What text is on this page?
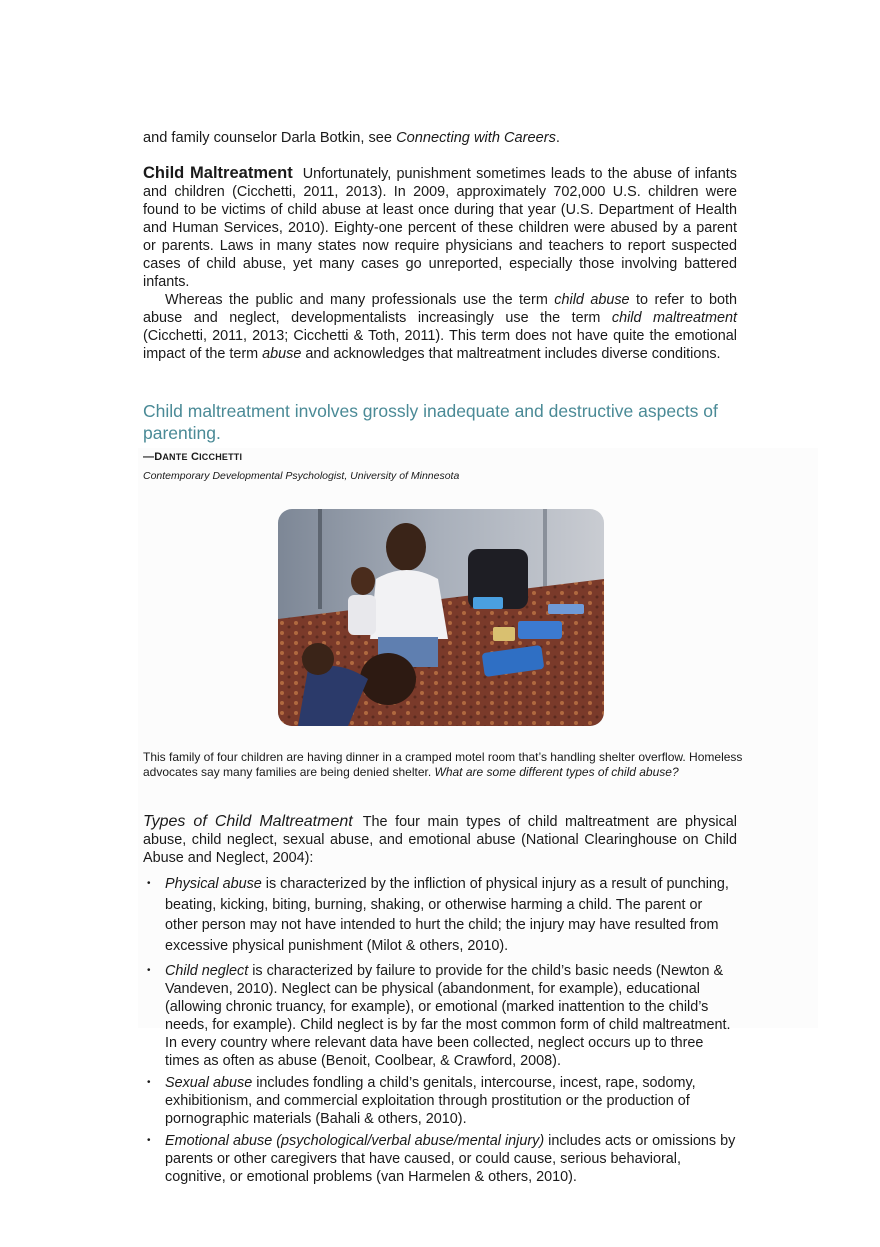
and family counselor Darla Botkin, see Connecting with Careers.

Child Maltreatment Unfortunately, punishment sometimes leads to the abuse of infants and children (Cicchetti, 2011, 2013). In 2009, approximately 702,000 U.S. children were found to be victims of child abuse at least once during that year (U.S. Department of Health and Human Services, 2010). Eighty-one percent of these children were abused by a parent or parents. Laws in many states now require physicians and teachers to report suspected cases of child abuse, yet many cases go unreported, especially those involving battered infants.

Whereas the public and many professionals use the term child abuse to refer to both abuse and neglect, developmentalists increasingly use the term child maltreatment (Cicchetti, 2011, 2013; Cicchetti & Toth, 2011). This term does not have quite the emotional impact of the term abuse and acknowledges that maltreatment includes diverse conditions.

Child maltreatment involves grossly inadequate and destructive aspects of parenting.

—DANTE CICCHETTI

Contemporary Developmental Psychologist, University of Minnesota

This family of four children are having dinner in a cramped motel room that’s handling shelter overflow. Homeless advocates say many families are being denied shelter. What are some different types of child abuse?

Types of Child Maltreatment The four main types of child maltreatment are physical abuse, child neglect, sexual abuse, and emotional abuse (National Clearinghouse on Child Abuse and Neglect, 2004):

• Physical abuse is characterized by the infliction of physical injury as a result of punching, beating, kicking, biting, burning, shaking, or otherwise harming a child. The parent or other person may not have intended to hurt the child; the injury may have resulted from excessive physical punishment (Milot & others, 2010).
• Child neglect is characterized by failure to provide for the child’s basic needs (Newton & Vandeven, 2010). Neglect can be physical (abandonment, for example), educational (allowing chronic truancy, for example), or emotional (marked inattention to the child’s needs, for example). Child neglect is by far the most common form of child maltreatment. In every country where relevant data have been collected, neglect occurs up to three times as often as abuse (Benoit, Coolbear, & Crawford, 2008).
• Sexual abuse includes fondling a child’s genitals, intercourse, incest, rape, sodomy, exhibitionism, and commercial exploitation through prostitution or the production of pornographic materials (Bahali & others, 2010).
• Emotional abuse (psychological/verbal abuse/mental injury) includes acts or omissions by parents or other caregivers that have caused, or could cause, serious behavioral, cognitive, or emotional problems (van Harmelen & others, 2010).
